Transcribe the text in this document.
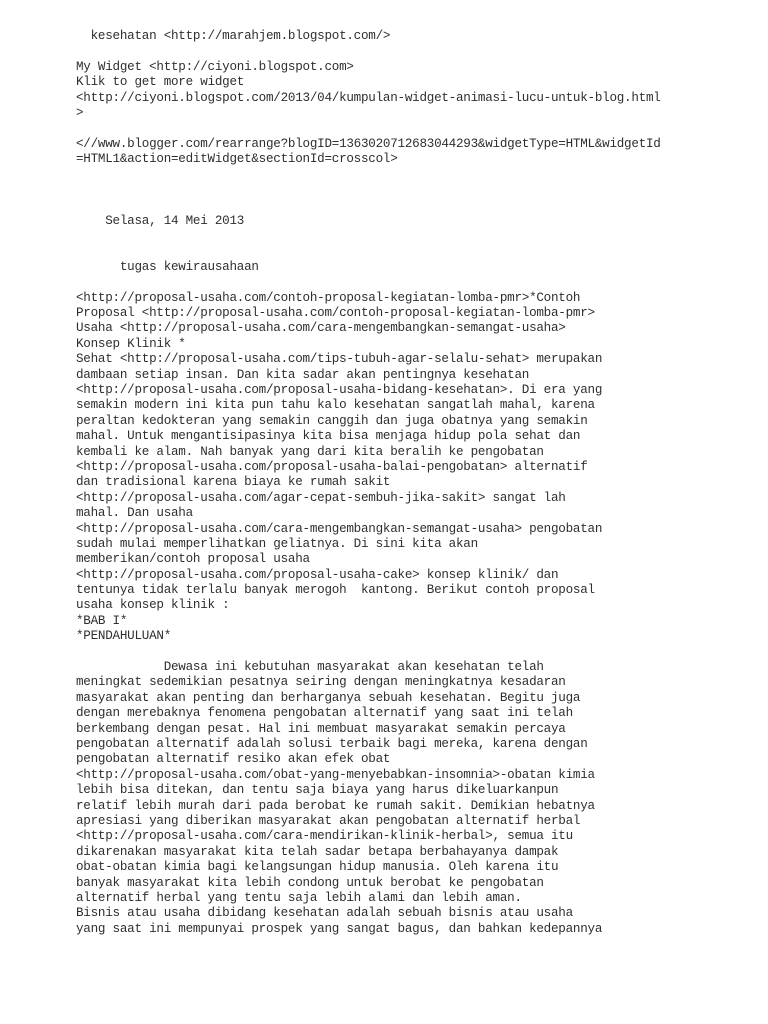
kesehatan <http://marahjem.blogspot.com/>
My Widget <http://ciyoni.blogspot.com>
Klik to get more widget
<http://ciyoni.blogspot.com/2013/04/kumpulan-widget-animasi-lucu-untuk-blog.html
>
<//www.blogger.com/rearrange?blogID=1363020712683044293&widgetType=HTML&widgetId
=HTML1&action=editWidget&sectionId=crosscol>
Selasa, 14 Mei 2013
tugas kewirausahaan
<http://proposal-usaha.com/contoh-proposal-kegiatan-lomba-pmr>*Contoh
Proposal <http://proposal-usaha.com/contoh-proposal-kegiatan-lomba-pmr>
Usaha <http://proposal-usaha.com/cara-mengembangkan-semangat-usaha>
Konsep Klinik *
Sehat <http://proposal-usaha.com/tips-tubuh-agar-selalu-sehat> merupakan
dambaan setiap insan. Dan kita sadar akan pentingnya kesehatan
<http://proposal-usaha.com/proposal-usaha-bidang-kesehatan>. Di era yang
semakin modern ini kita pun tahu kalo kesehatan sangatlah mahal, karena
peraltan kedokteran yang semakin canggih dan juga obatnya yang semakin
mahal. Untuk mengantisipasinya kita bisa menjaga hidup pola sehat dan
kembali ke alam. Nah banyak yang dari kita beralih ke pengobatan
<http://proposal-usaha.com/proposal-usaha-balai-pengobatan> alternatif
dan tradisional karena biaya ke rumah sakit
<http://proposal-usaha.com/agar-cepat-sembuh-jika-sakit> sangat lah
mahal. Dan usaha
<http://proposal-usaha.com/cara-mengembangkan-semangat-usaha> pengobatan
sudah mulai memperlihatkan geliatnya. Di sini kita akan
memberikan/contoh proposal usaha
<http://proposal-usaha.com/proposal-usaha-cake> konsep klinik/ dan
tentunya tidak terlalu banyak merogoh  kantong. Berikut contoh proposal
usaha konsep klinik :
*BAB I*
*PENDAHULUAN*
Dewasa ini kebutuhan masyarakat akan kesehatan telah
meningkat sedemikian pesatnya seiring dengan meningkatnya kesadaran
masyarakat akan penting dan berharganya sebuah kesehatan. Begitu juga
dengan merebaknya fenomena pengobatan alternatif yang saat ini telah
berkembang dengan pesat. Hal ini membuat masyarakat semakin percaya
pengobatan alternatif adalah solusi terbaik bagi mereka, karena dengan
pengobatan alternatif resiko akan efek obat
<http://proposal-usaha.com/obat-yang-menyebabkan-insomnia>-obatan kimia
lebih bisa ditekan, dan tentu saja biaya yang harus dikeluarkanpun
relatif lebih murah dari pada berobat ke rumah sakit. Demikian hebatnya
apresiasi yang diberikan masyarakat akan pengobatan alternatif herbal
<http://proposal-usaha.com/cara-mendirikan-klinik-herbal>, semua itu
dikarenakan masyarakat kita telah sadar betapa berbahayanya dampak
obat-obatan kimia bagi kelangsungan hidup manusia. Oleh karena itu
banyak masyarakat kita lebih condong untuk berobat ke pengobatan
alternatif herbal yang tentu saja lebih alami dan lebih aman.
Bisnis atau usaha dibidang kesehatan adalah sebuah bisnis atau usaha
yang saat ini mempunyai prospek yang sangat bagus, dan bahkan kedepannya
